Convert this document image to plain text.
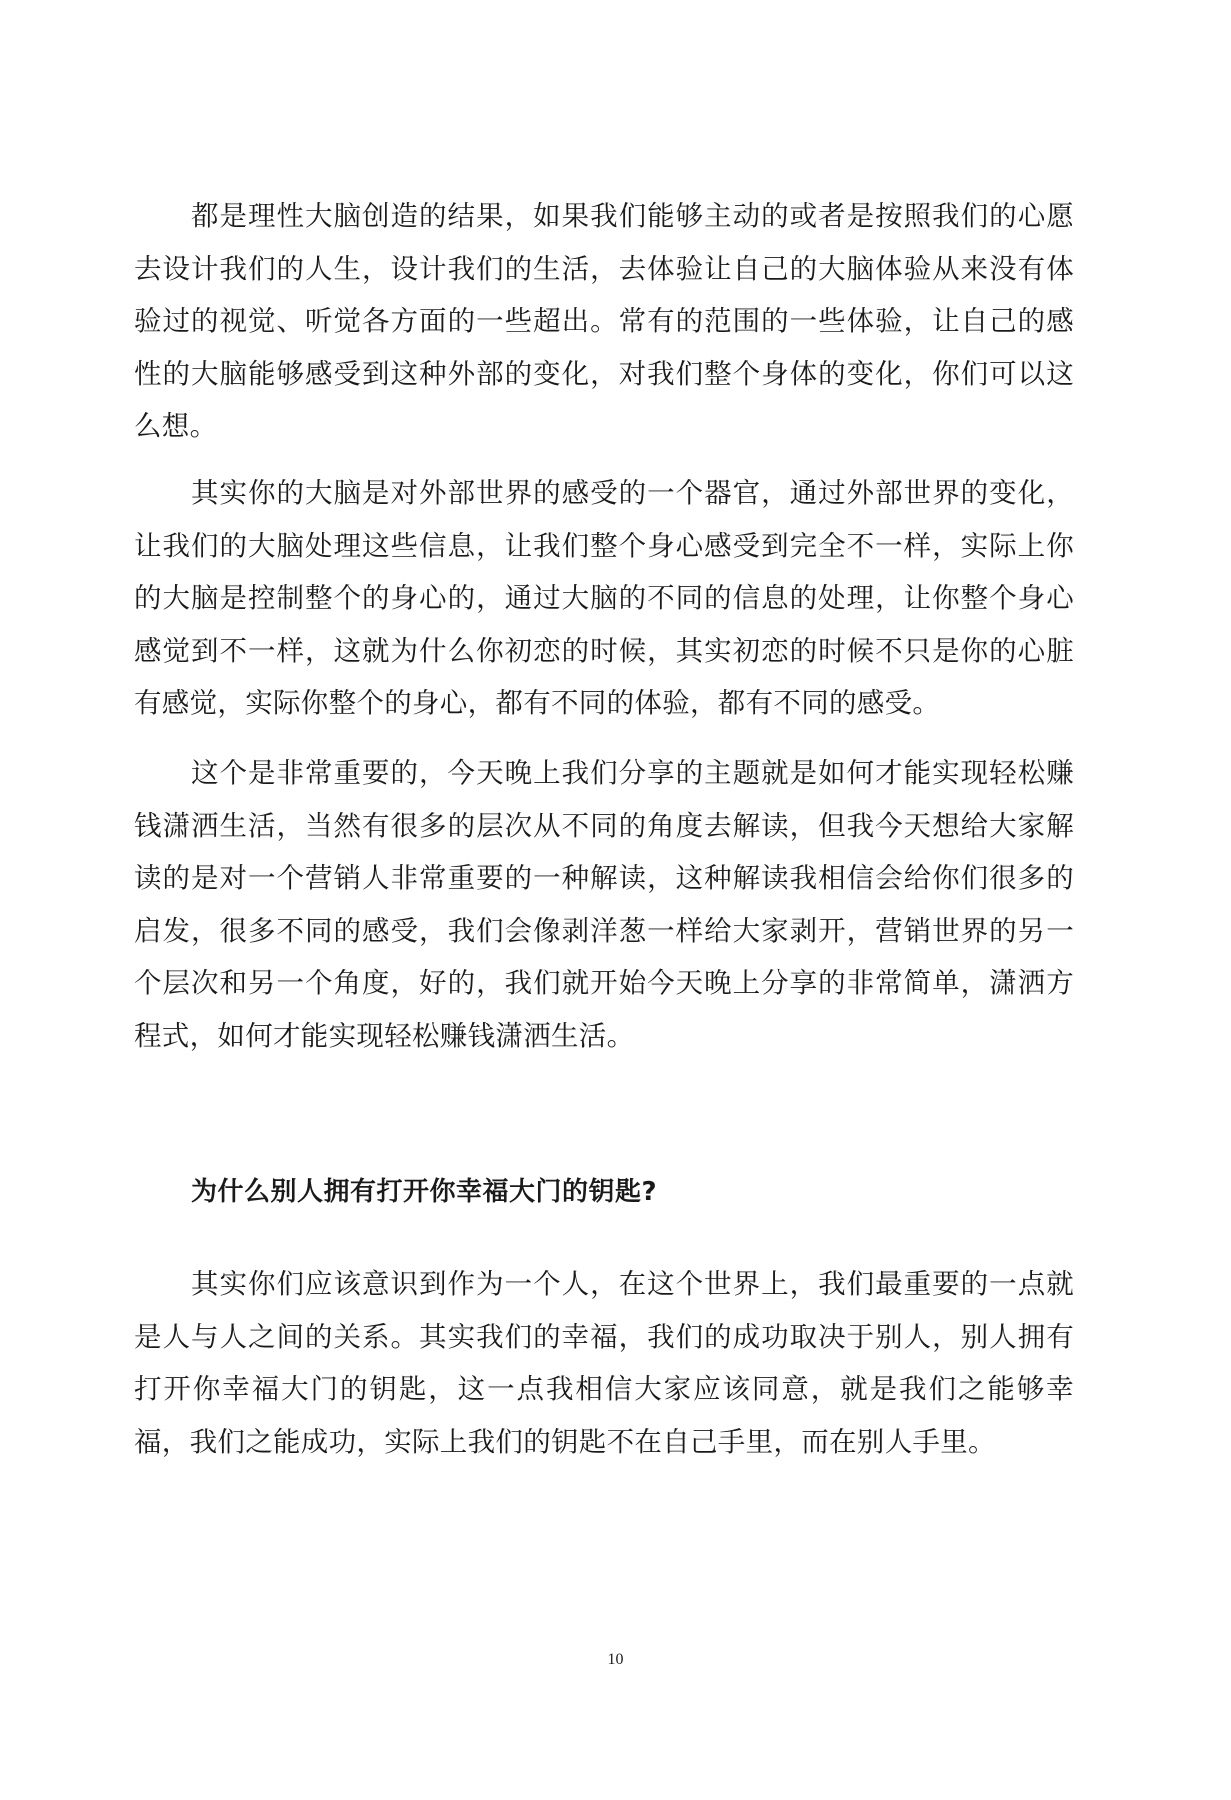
都是理性大脑创造的结果，如果我们能够主动的或者是按照我们的心愿去设计我们的人生，设计我们的生活，去体验让自己的大脑体验从来没有体验过的视觉、听觉各方面的一些超出。常有的范围的一些体验，让自己的感性的大脑能够感受到这种外部的变化，对我们整个身体的变化，你们可以这么想。

其实你的大脑是对外部世界的感受的一个器官，通过外部世界的变化，让我们的大脑处理这些信息，让我们整个身心感受到完全不一样，实际上你的大脑是控制整个的身心的，通过大脑的不同的信息的处理，让你整个身心感觉到不一样，这就为什么你初恋的时候，其实初恋的时候不只是你的心脏有感觉，实际你整个的身心，都有不同的体验，都有不同的感受。

这个是非常重要的，今天晚上我们分享的主题就是如何才能实现轻松赚钱潇洒生活，当然有很多的层次从不同的角度去解读，但我今天想给大家解读的是对一个营销人非常重要的一种解读，这种解读我相信会给你们很多的启发，很多不同的感受，我们会像剥洋葱一样给大家剥开，营销世界的另一个层次和另一个角度，好的，我们就开始今天晚上分享的非常简单，潇洒方程式，如何才能实现轻松赚钱潇洒生活。

为什么别人拥有打开你幸福大门的钥匙?

其实你们应该意识到作为一个人，在这个世界上，我们最重要的一点就是人与人之间的关系。其实我们的幸福，我们的成功取决于别人，别人拥有打开你幸福大门的钥匙，这一点我相信大家应该同意，就是我们之能够幸福，我们之能成功，实际上我们的钥匙不在自己手里，而在别人手里。

10
